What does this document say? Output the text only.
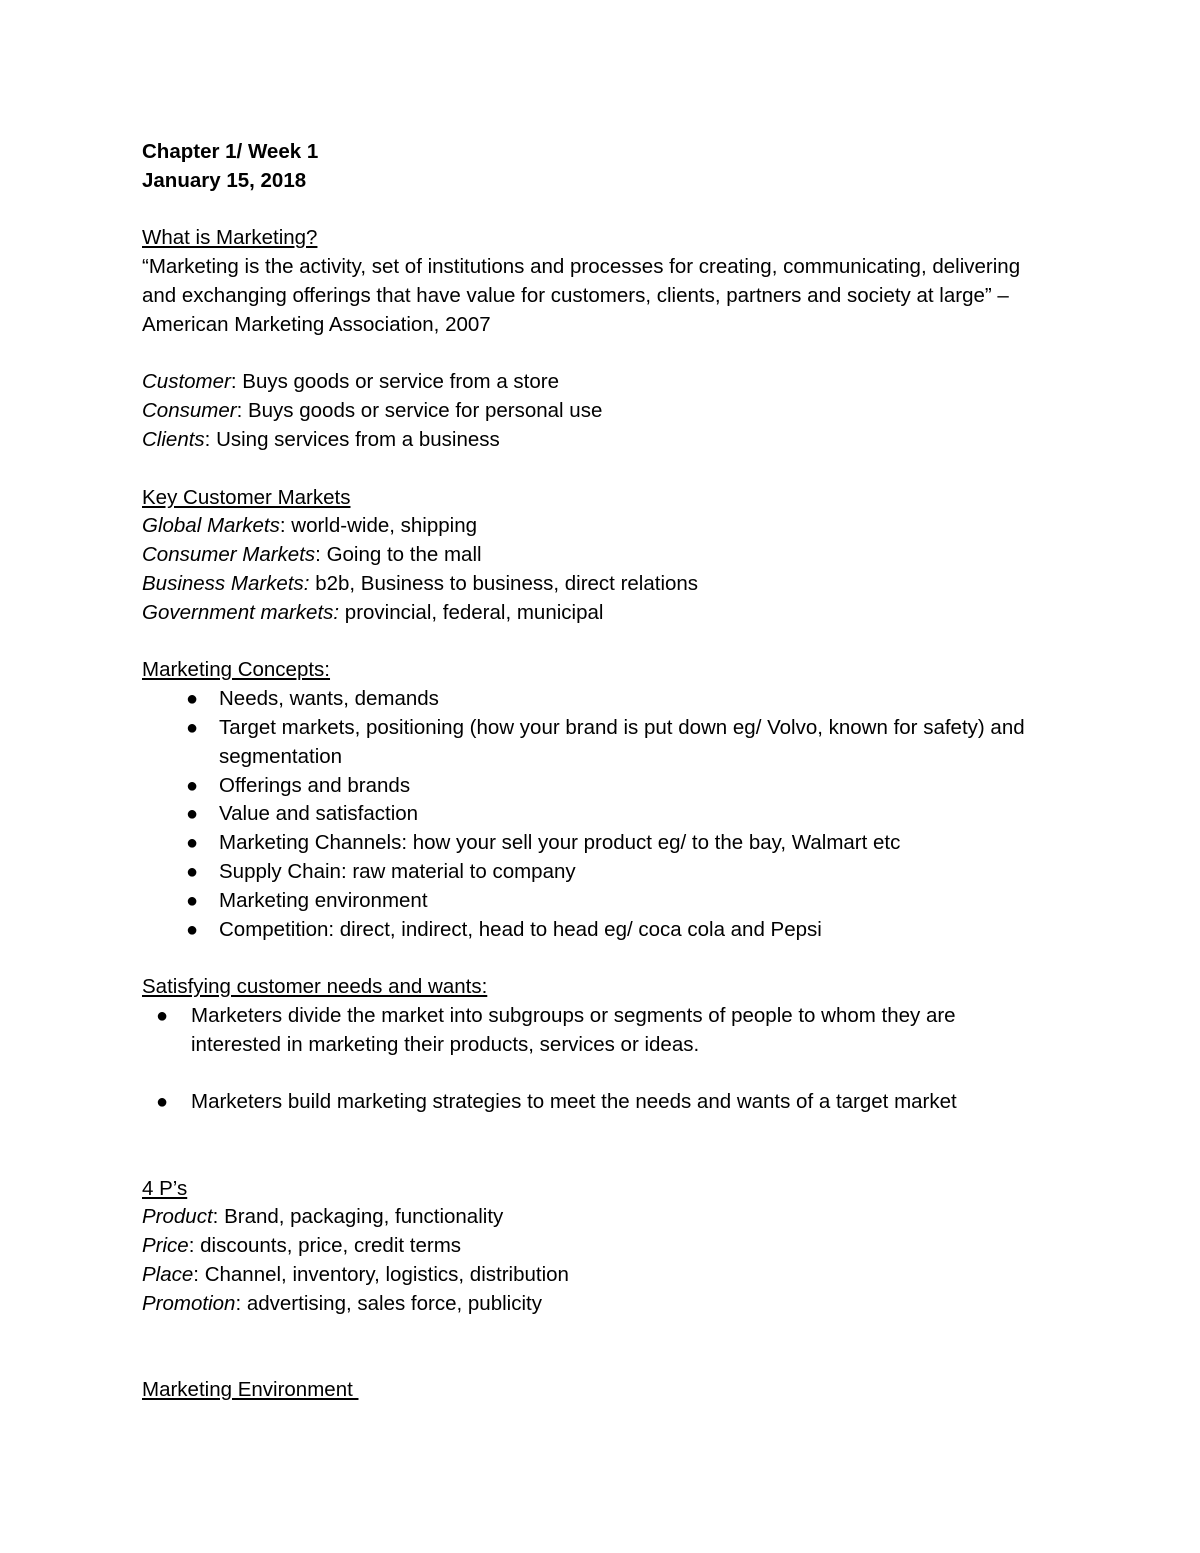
Chapter 1/ Week 1

January 15, 2018

What is Marketing?

“Marketing is the activity, set of institutions and processes for creating, communicating, delivering and exchanging offerings that have value for customers, clients, partners and society at large” – American Marketing Association, 2007

Customer: Buys goods or service from a store

Consumer: Buys goods or service for personal use

Clients: Using services from a business

Key Customer Markets

Global Markets: world-wide, shipping

Consumer Markets: Going to the mall

Business Markets: b2b, Business to business, direct relations

Government markets: provincial, federal, municipal

Marketing Concepts:

● Needs, wants, demands
● Target markets, positioning (how your brand is put down eg/ Volvo, known for safety) and segmentation
● Offerings and brands
● Value and satisfaction
● Marketing Channels: how your sell your product eg/ to the bay, Walmart etc
● Supply Chain: raw material to company
● Marketing environment
● Competition: direct, indirect, head to head eg/ coca cola and Pepsi

Satisfying customer needs and wants:

● Marketers divide the market into subgroups or segments of people to whom they are interested in marketing their products, services or ideas.
● Marketers build marketing strategies to meet the needs and wants of a target market

4 P’s

Product: Brand, packaging, functionality

Price: discounts, price, credit terms

Place: Channel, inventory, logistics, distribution

Promotion: advertising, sales force, publicity

Marketing Environment
